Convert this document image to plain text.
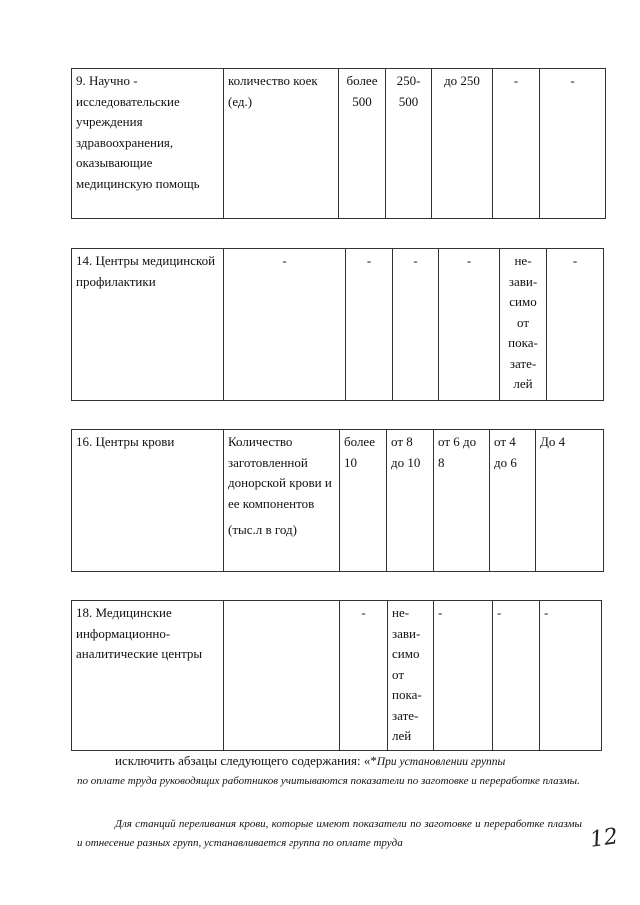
9. Научно - исследовательские учреждения здравоохранения, оказывающие медицинскую помощь	количество коек (ед.)	более 500	250-
500	до 250	-	-
14. Центры медицинской профилактики	-	-	-	-	не-
зави-
симо
от
пока-
зате-
лей	-
16. Центры крови	Количество заготовленной донорской крови и ее компонентов
(тыс.л в год)
	более 10	от 8 до 10	от 6 до 8	от 4 до 6	До 4
18. Медицинские информационно-аналитические центры		-	не-
зави-
симо
от
пока-
зате-
лей	-	-	-

исключить абзацы следующего содержания: «*При установлении группы

по оплате труда руководящих работников учитываются показатели по заготовке и переработке плазмы.

Для станций переливания крови, которые имеют показатели по заготовке и переработке плазмы и отнесение разных групп, устанавливается группа по оплате труда	12
